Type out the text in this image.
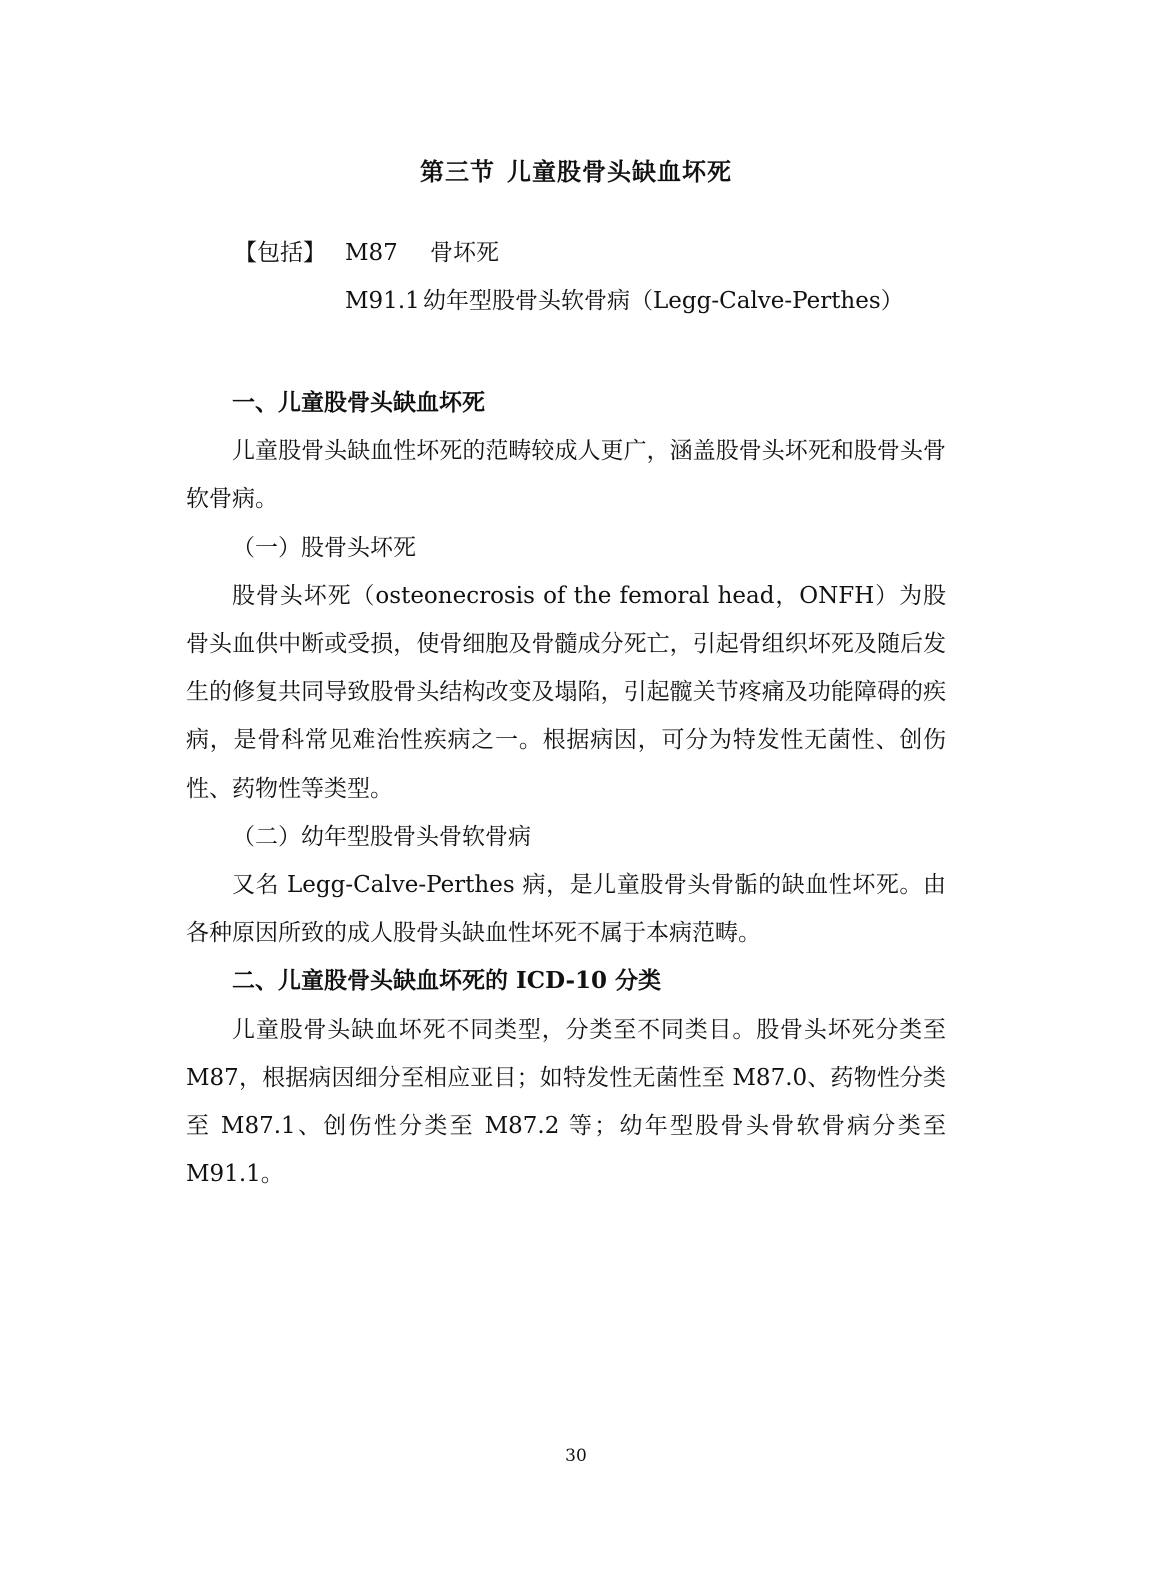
第三节 儿童股骨头缺血坏死
【包括】 M87 骨坏死
M91.1 幼年型股骨头软骨病（Legg-Calve-Perthes）

一、儿童股骨头缺血坏死

儿童股骨头缺血性坏死的范畴较成人更广，涵盖股骨头坏死和股骨头骨软骨病。

（一）股骨头坏死

股骨头坏死（osteonecrosis of the femoral head，ONFH）为股骨头血供中断或受损，使骨细胞及骨髓成分死亡，引起骨组织坏死及随后发生的修复共同导致股骨头结构改变及塌陷，引起髋关节疼痛及功能障碍的疾病，是骨科常见难治性疾病之一。根据病因，可分为特发性无菌性、创伤性、药物性等类型。

（二）幼年型股骨头骨软骨病

又名 Legg-Calve-Perthes 病，是儿童股骨头骨骺的缺血性坏死。由各种原因所致的成人股骨头缺血性坏死不属于本病范畴。

二、儿童股骨头缺血坏死的 ICD-10 分类

儿童股骨头缺血坏死不同类型，分类至不同类目。股骨头坏死分类至 M87，根据病因细分至相应亚目；如特发性无菌性至 M87.0、药物性分类至 M87.1、创伤性分类至 M87.2 等；幼年型股骨头骨软骨病分类至 M91.1。

30
